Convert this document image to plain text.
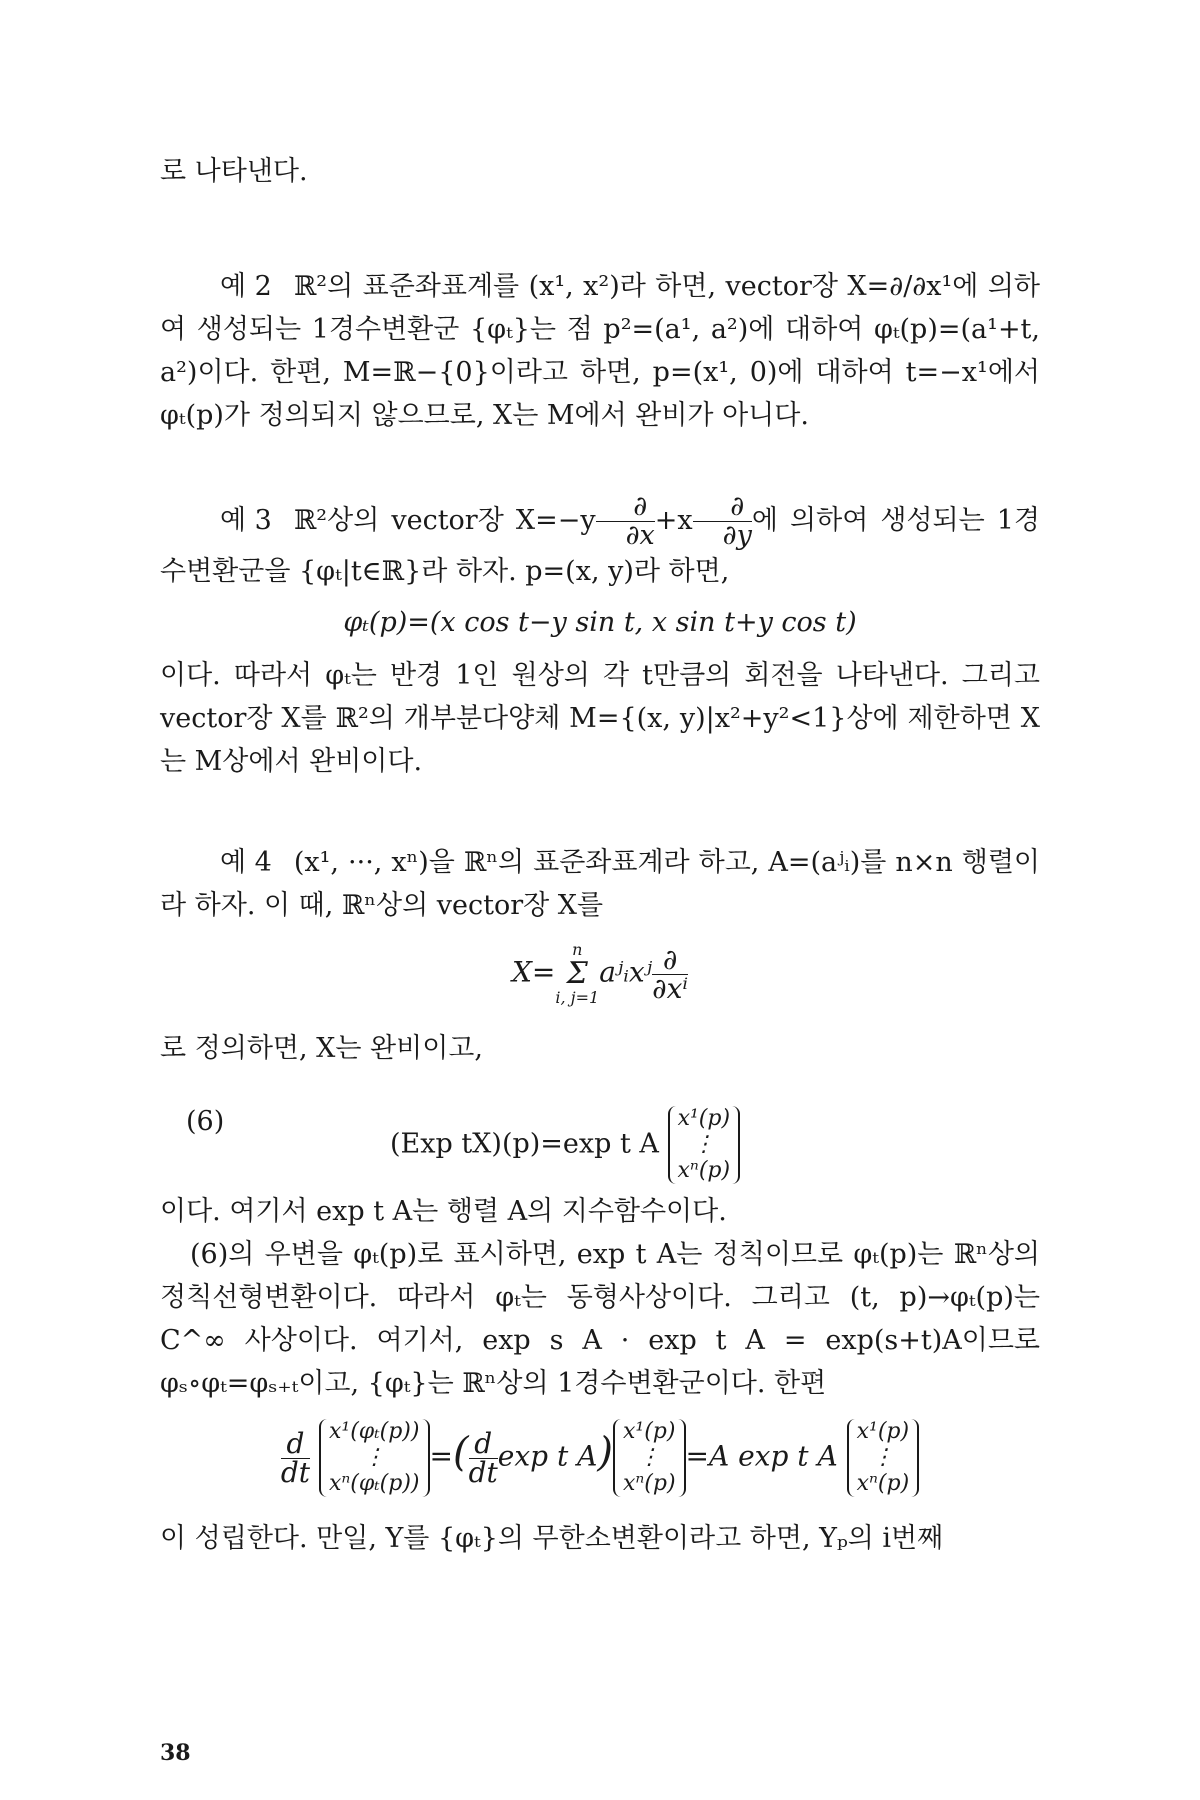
로 나타낸다.

예 2 ℝ²의 표준좌표계를 (x¹, x²)라 하면, vector장 X=∂/∂x¹에 의하여 생성되는 1경수변환군 {φₜ}는 점 p²=(a¹, a²)에 대하여 φₜ(p)=(a¹+t, a²)이다. 한편, M=ℝ−{0}이라고 하면, p=(x¹, 0)에 대하여 t=−x¹에서 φₜ(p)가 정의되지 않으므로, X는 M에서 완비가 아니다.

예 3 ℝ²상의 vector장 $X=-y \frac{\partial}{\partial x} +x \frac{\partial}{\partial y}$ 에 의하여 생성되는 1경수변환군을 {φₜ|t∈ℝ}라 하자. p=(x, y)라 하면,

φₜ(p)=(x cos t−y sin t, x sin t+y cos t)

이다. 따라서 φₜ는 반경 1인 원상의 각 t만큼의 회전을 나타낸다. 그리고 vector장 X를 ℝ²의 개부분다양체 M={(x, y)|x²+y²<1}상에 제한하면 X는 M상에서 완비이다.

예 4 (x¹, ···, xⁿ)을 ℝⁿ의 표준좌표계라 하고, A=(aʲᵢ)를 n×n 행렬이라 하자. 이 때, ℝⁿ상의 vector장 X를

X=n
Σ
i, j=1aʲᵢxʲ $\frac{\partial}{\text{∂xⁱ}}$

로 정의하면, X는 완비이고,

(6)
(Exp tX)(p)=exp t A
x¹(p)
⋮
xⁿ(p)

이다. 여기서 exp t A는 행렬 A의 지수함수이다.

(6)의 우변을 φₜ(p)로 표시하면, exp t A는 정칙이므로 φₜ(p)는 ℝⁿ상의 정칙선형변환이다. 따라서 φₜ는 동형사상이다. 그리고 (t, p)→φₜ(p)는 C^∞ 사상이다. 여기서, exp s A · exp t A = exp(s+t)A이므로 φₛ∘φₜ=φₛ₊ₜ이고, {φₜ}는 ℝⁿ상의 1경수변환군이다. 한편

$\frac{d}{dt}$
x¹(φₜ(p))
⋮
xⁿ(φₜ(p))
=( $\frac{d}{dt}$ exp t A) x¹(p)
⋮
xⁿ(p)
=A exp t A
x¹(p)
⋮
xⁿ(p)

이 성립한다. 만일, Y를 {φₜ}의 무한소변환이라고 하면, Yₚ의 i번째

38
